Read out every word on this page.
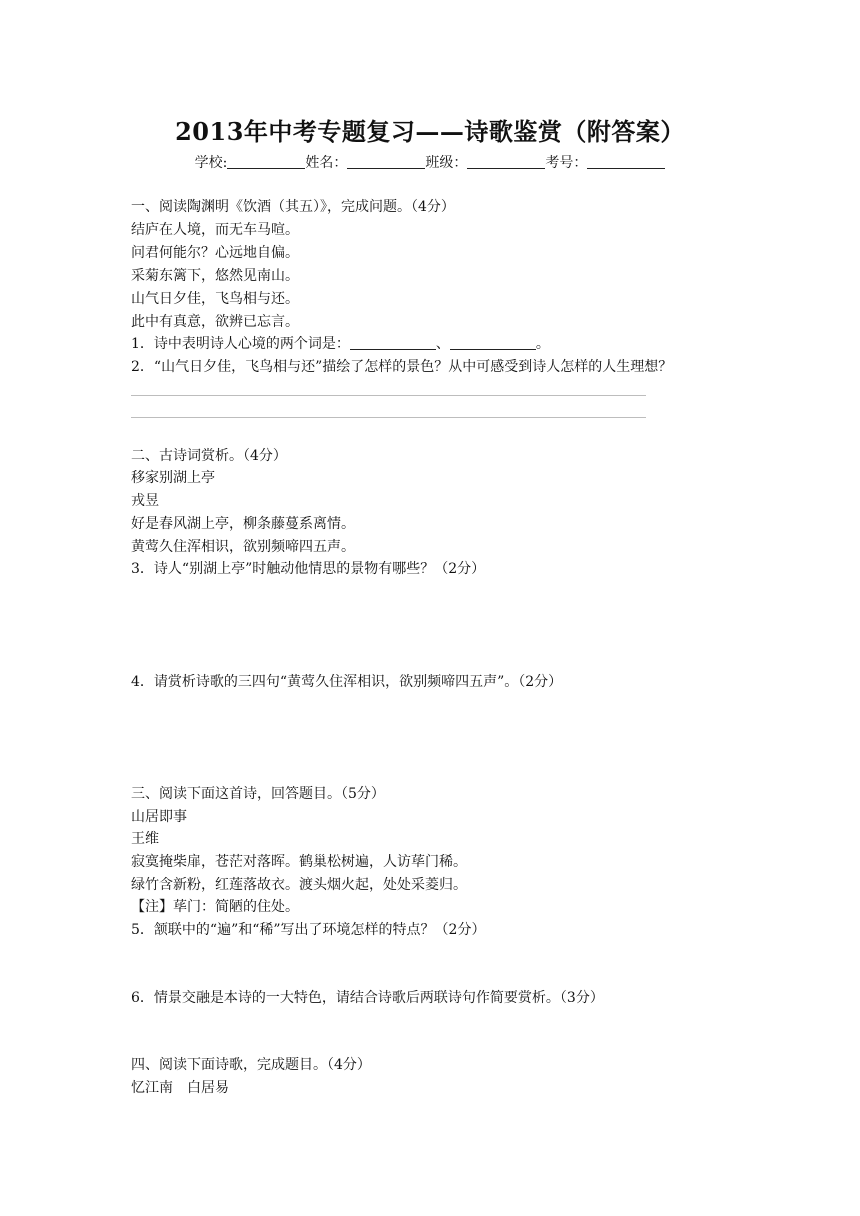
2013年中考专题复习——诗歌鉴赏（附答案）
学校:	姓名：	班级：	考号：
一、阅读陶渊明《饮酒（其五）》，完成问题。（4分）
结庐在人境，而无车马喧。
问君何能尔？心远地自偏。
采菊东篱下，悠然见南山。
山气日夕佳，飞鸟相与还。
此中有真意，欲辨已忘言。
1．诗中表明诗人心境的两个词是：	、	。
2．“山气日夕佳，飞鸟相与还”描绘了怎样的景色？从中可感受到诗人怎样的人生理想？
二、古诗词赏析。（4分）
移家别湖上亭
戎昱
好是春风湖上亭，柳条藤蔓系离情。
黄莺久住浑相识，欲别频啼四五声。
3．诗人“别湖上亭”时触动他情思的景物有哪些？（2分）
4．请赏析诗歌的三四句“黄莺久住浑相识，欲别频啼四五声”。（2分）
三、阅读下面这首诗，回答题目。（5分）
山居即事
王维
寂寞掩柴扉，苍茫对落晖。鹤巢松树遍，人访荜门稀。
绿竹含新粉，红莲落故衣。渡头烟火起，处处采菱归。
【注】荜门：简陋的住处。
5．颔联中的“遍”和“稀”写出了环境怎样的特点？（2分）
6．情景交融是本诗的一大特色，请结合诗歌后两联诗句作简要赏析。（3分）
四、阅读下面诗歌，完成题目。（4分）
忆江南　白居易
